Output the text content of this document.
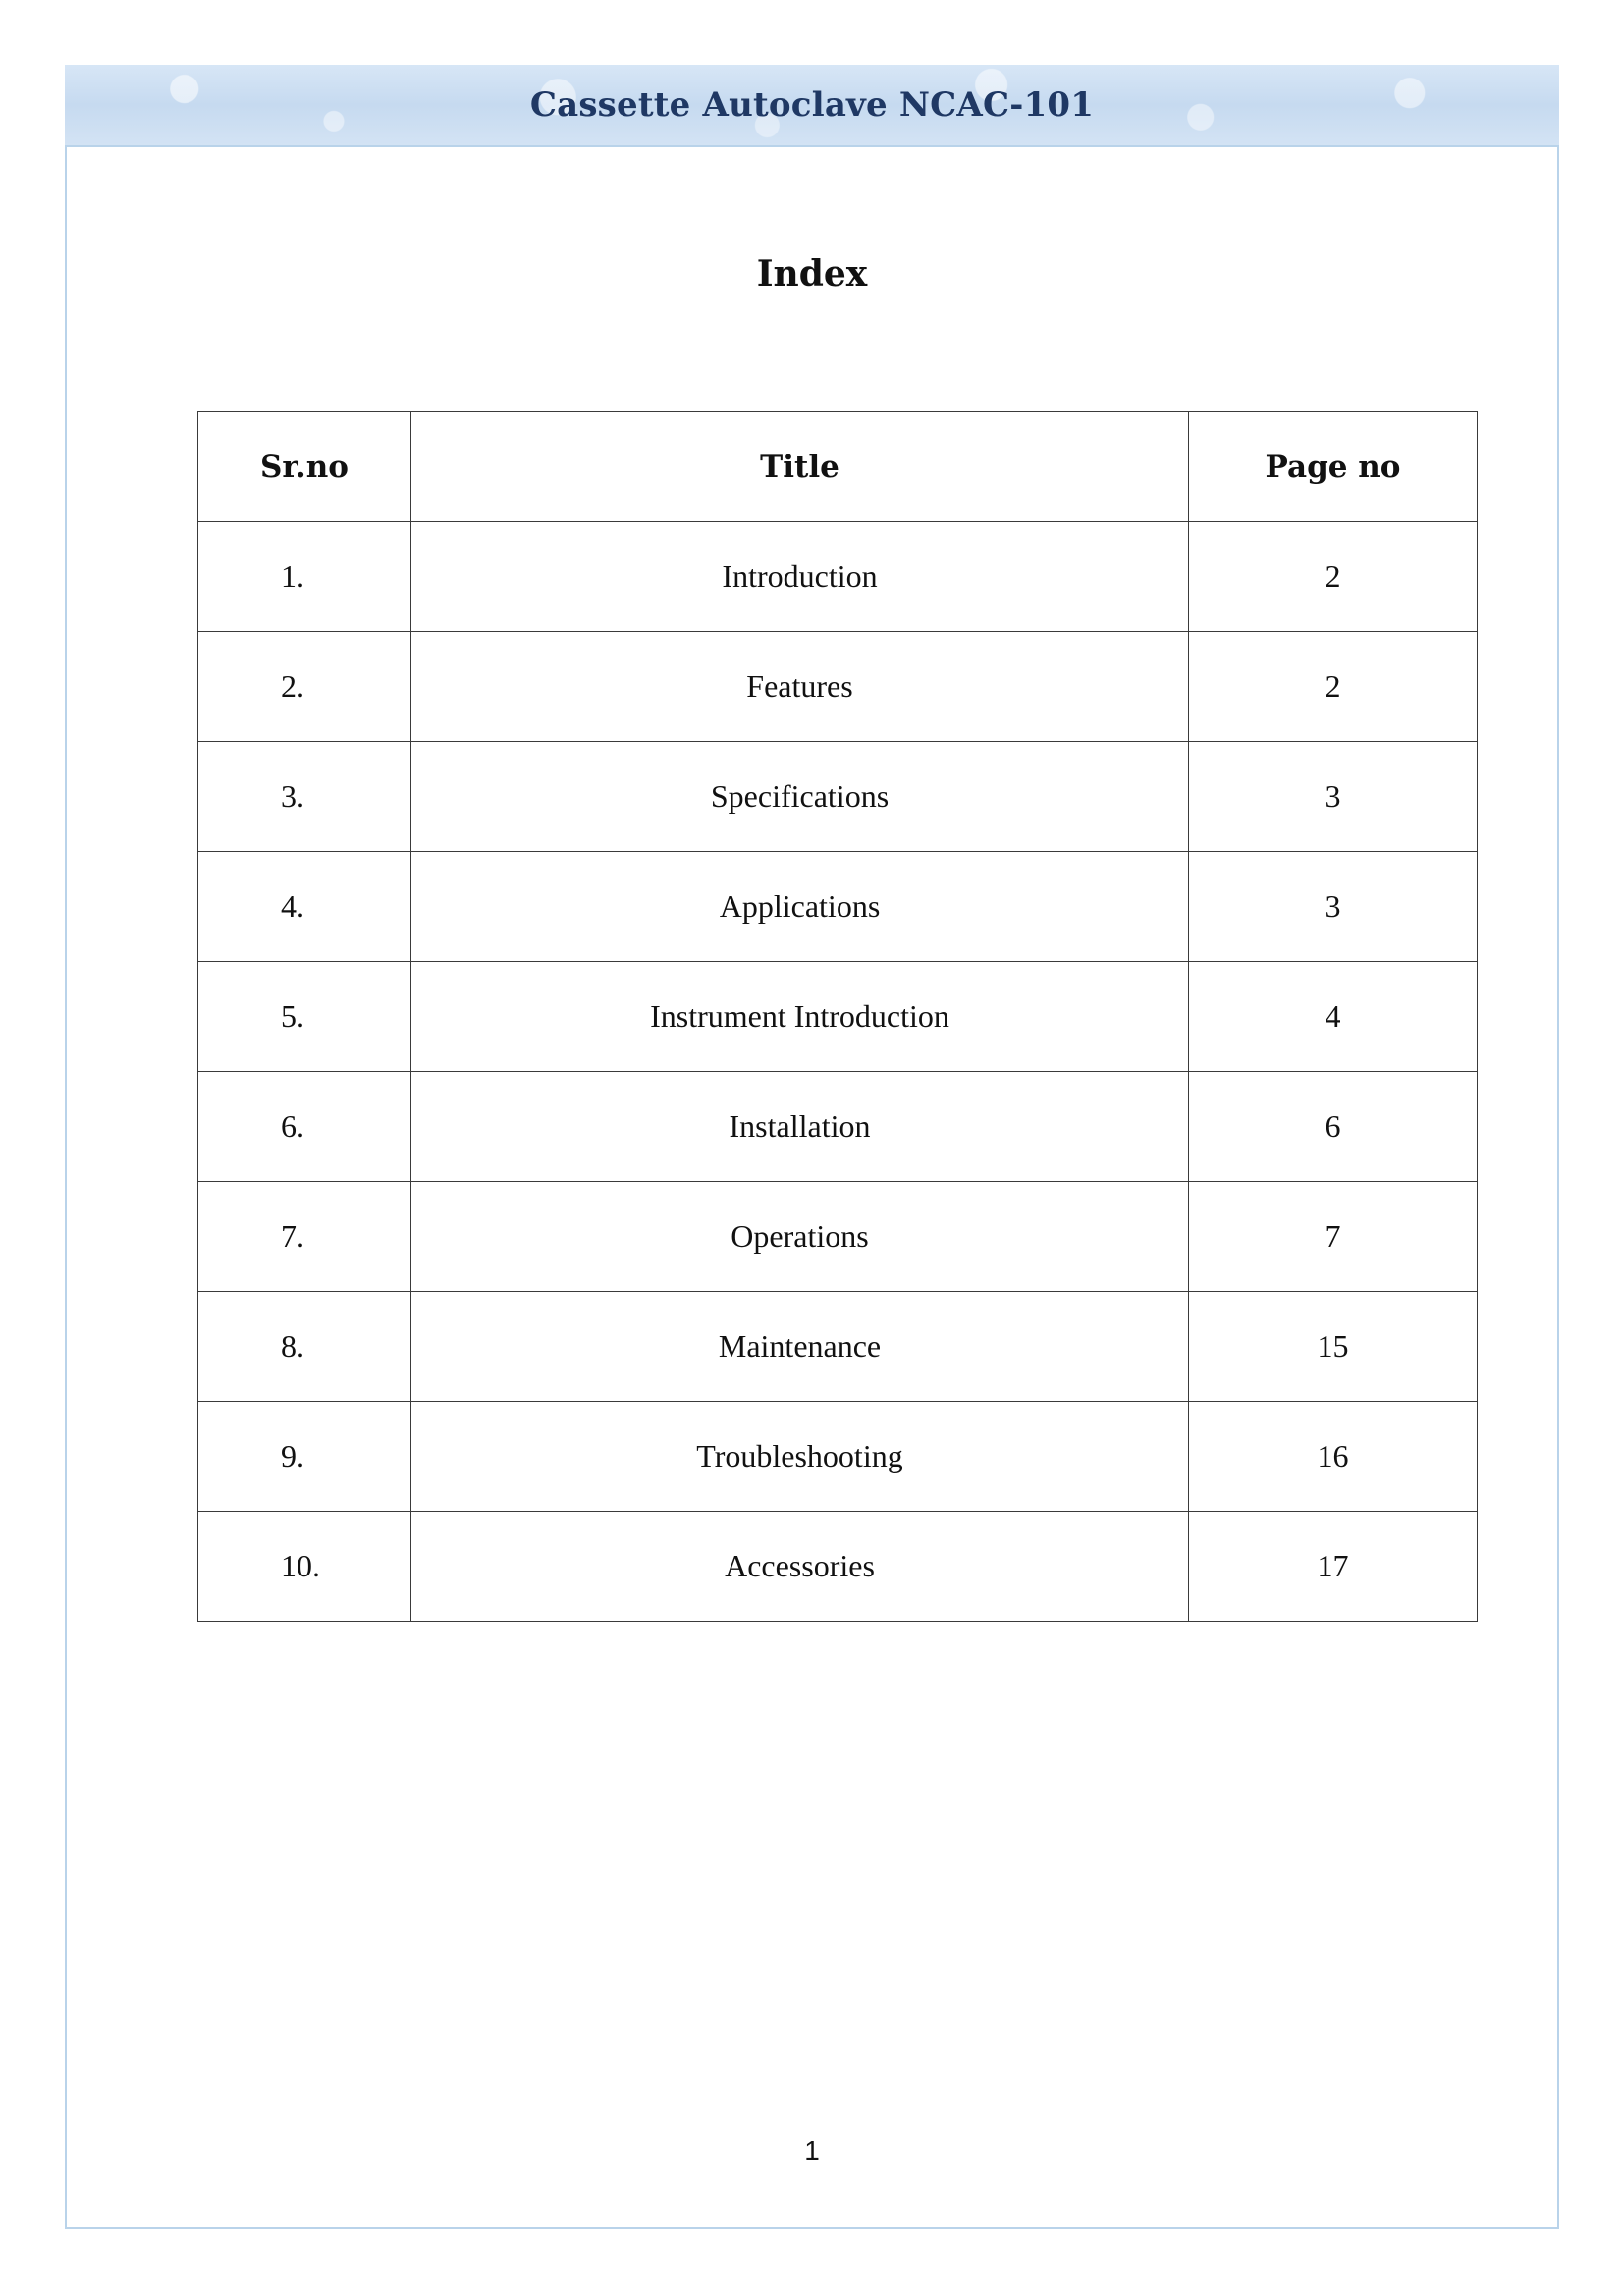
Cassette Autoclave NCAC-101
Index
Sr.no	Title	Page no
1.	Introduction	2
2.	Features	2
3.	Specifications	3
4.	Applications	3
5.	Instrument Introduction	4
6.	Installation	6
7.	Operations	7
8.	Maintenance	15
9.	Troubleshooting	16
10.	Accessories	17
1
